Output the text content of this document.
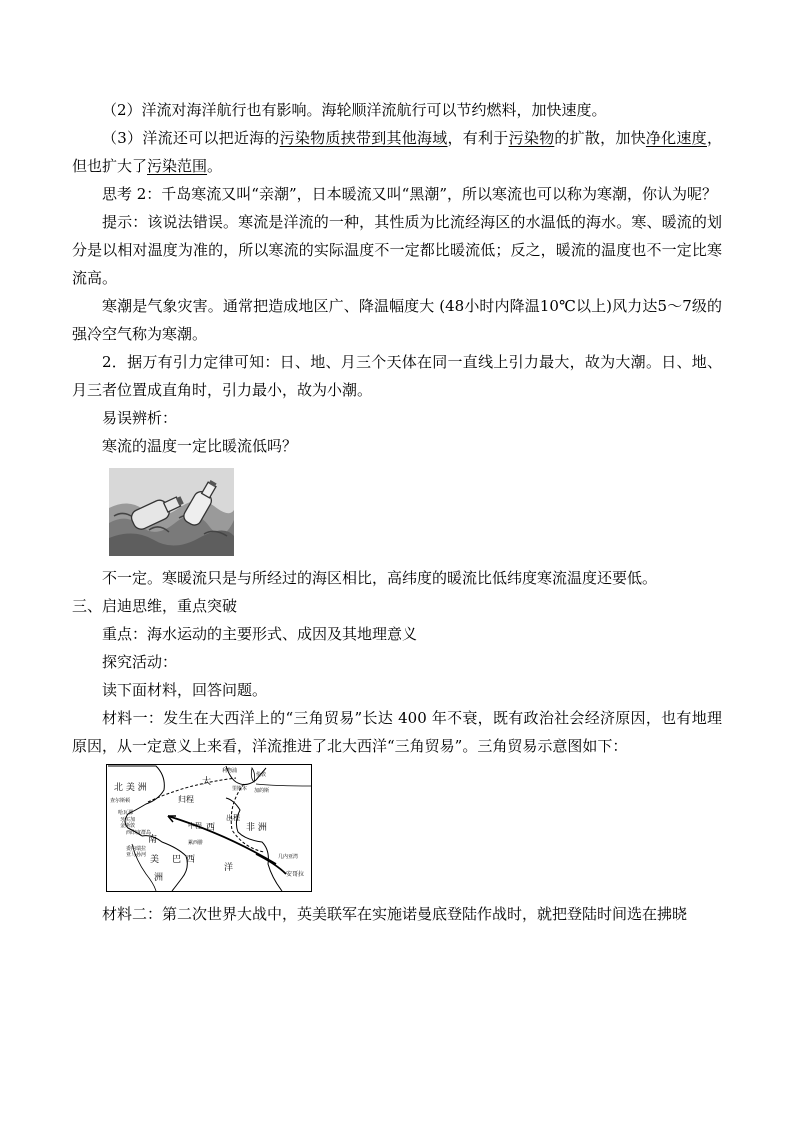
（2）洋流对海洋航行也有影响。海轮顺洋流航行可以节约燃料，加快速度。

（3）洋流还可以把近海的污染物质挟带到其他海域，有利于污染物的扩散，加快净化速度，但也扩大了污染范围。

思考 2：千岛寒流又叫“亲潮”，日本暖流又叫“黑潮”，所以寒流也可以称为寒潮，你认为呢？

提示：该说法错误。寒流是洋流的一种，其性质为比流经海区的水温低的海水。寒、暖流的划分是以相对温度为准的，所以寒流的实际温度不一定都比暖流低；反之，暖流的温度也不一定比寒流高。

寒潮是气象灾害。通常把造成地区广、降温幅度大 (48小时内降温10℃以上)风力达5～7级的强冷空气称为寒潮。

2．据万有引力定律可知：日、地、月三个天体在同一直线上引力最大，故为大潮。日、地、月三者位置成直角时，引力最小，故为小潮。

易误辨析：

寒流的温度一定比暖流低吗？

不一定。寒暖流只是与所经过的海区相比，高纬度的暖流比低纬度寒流温度还要低。

三、启迪思维，重点突破

重点：海水运动的主要形式、成因及其地理意义

探究活动：

读下面材料，回答问题。

材料一：发生在大西洋上的“三角贸易”长达 400 年不衰，既有政治社会经济原因，也有地理原因，从一定意义上来看，洋流推进了北大西洋“三角贸易”。三角贸易示意图如下：

北 美 洲
大
西
洋
非 洲
南
美 巴 西
洲
归程
出程
中程
利物浦
伦敦
里斯本 加的斯
查尔斯顿
哈瓦那
牙买加
金斯敦
西印度群岛
几内亚湾
安哥拉
委内瑞拉
亚马孙河
累西腓

材料二：第二次世界大战中，英美联军在实施诺曼底登陆作战时，就把登陆时间选在拂晓
